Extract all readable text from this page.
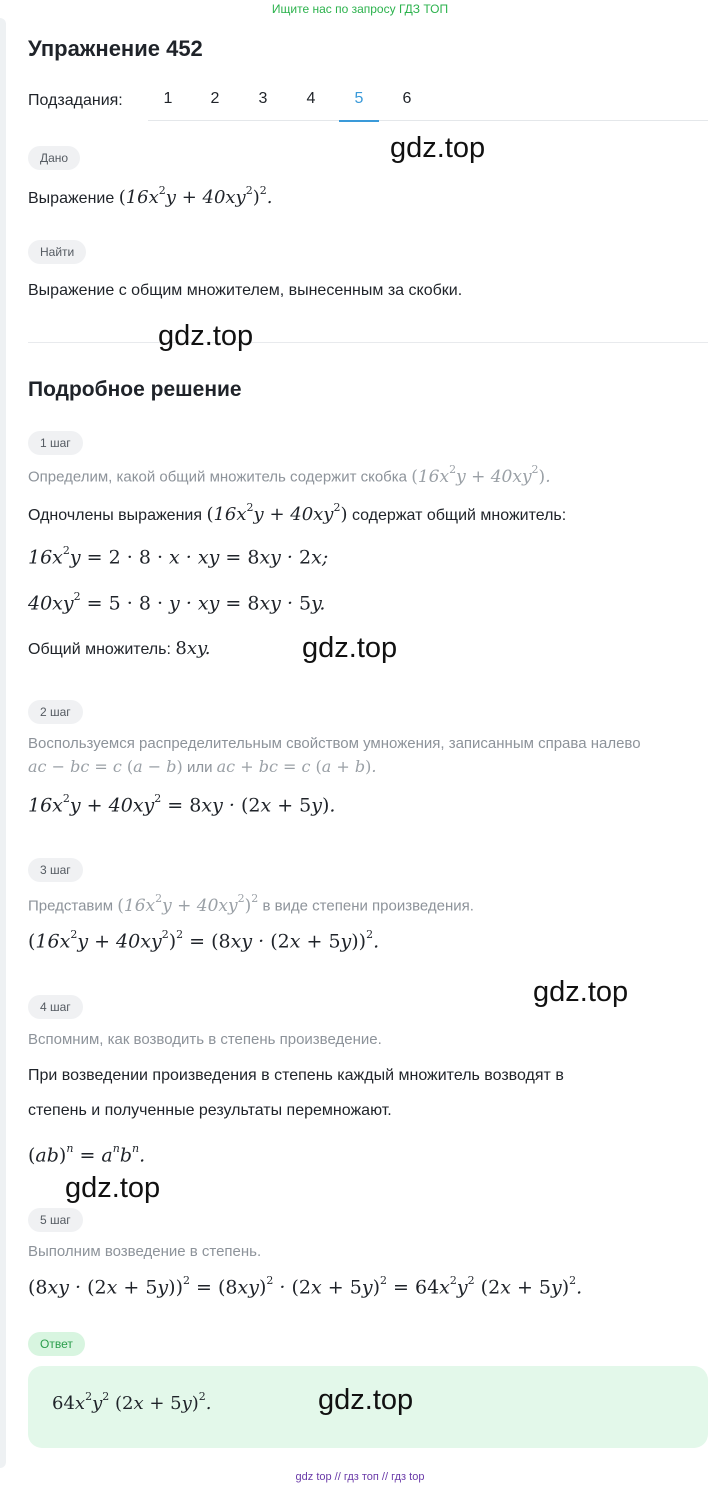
Ищите нас по запросу ГДЗ ТОП
Упражнение 452
Подзадания:	1	2	3	4	5	6
Дано
Выражение $(16x^2y + 40xy^2)^2$.
Найти
Выражение с общим множителем, вынесенным за скобки.
Подробное решение
1 шаг
Определим, какой общий множитель содержит скобка $(16x^2y + 40xy^2)$.
Одночлены выражения $(16x^2y + 40xy^2)$ содержат общий множитель:
$16x^2y = 2 \cdot 8 \cdot x$ · xy = 8xy · 2x;
$40xy^2 = 5 \cdot 8 \cdot y$ · xy = 8xy · 5y.
Общий множитель: 8xy.
2 шаг
Воспользуемся распределительным свойством умножения, записанным справа налево
ac − bc = c (a − b) или ac + bc = c (a + b).
$16x^2y + 40xy^2 = 8xy \cdot (2x + 5y)$.
3 шаг
Представим $(16x^2y + 40xy^2)^2$ в виде степени произведения.
$(16x^2y + 40xy^2)^2 = (8xy \cdot (2x + 5y))^2$.
4 шаг
Вспомним, как возводить в степень произведение.
При возведении произведения в степень каждый множитель возводят в
степень и полученные результаты перемножают.
$(ab)^n = a^nb^n$.
5 шаг
Выполним возведение в степень.
$(8xy \cdot (2x + 5y))^2 = (8xy)^2 \cdot (2x + 5y)^2 = 64x^2y^2$ $(2x + 5y)^2$.
Ответ
$64x^2y^2$ $(2x + 5y)^2$.
gdz.top
gdz.top
gdz.top
gdz.top
gdz.top
gdz.top
gdz top // гдз топ // гдз top
